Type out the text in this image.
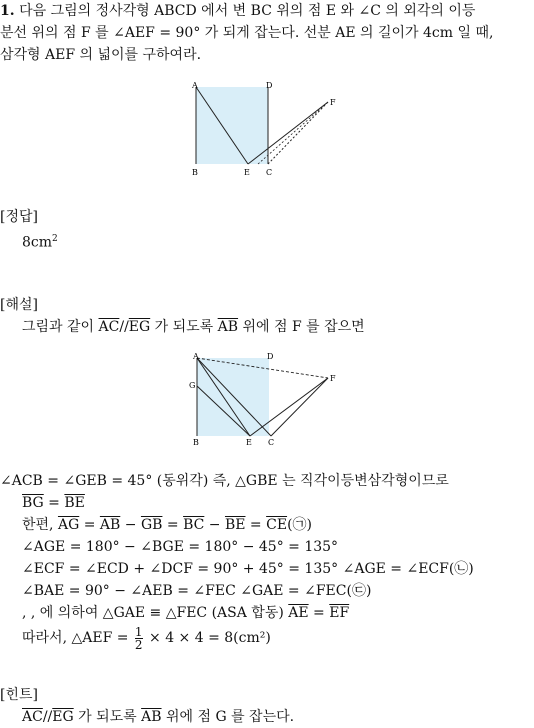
1. 다음 그림의 정사각형 ABCD 에서 변 BC 위의 점 E 와 ∠C 의 외각의 이등
분선 위의 점 F 를 ∠AEF = 90° 가 되게 잡는다. 선분 AE 의 길이가 4cm 일 때,
삼각형 AEF 의 넓이를 구하여라.
A	D
B	E C
F
[정답]
$8cm^2$
[해설]
그림과 같이 $\overline{AC}//\overline{EG}$ 가 되도록 $\overline{AB}$ 위에 점 F 를 잡으면
A	D
G
B	E C
F
∠ACB = ∠GEB = 45° (동위각) 즉, △GBE 는 직각이등변삼각형이므로
$\overline{BG} = \overline{BE}$
한편, $\overline{AG} = \overline{AB} - \overline{GB} = \overline{BC} - \overline{BE}$ = $\overline{CE}(㉠)$
∠AGE = 180° − ∠BGE = 180° − 45° = 135°
∠ECF = ∠ECD + ∠DCF = 90° + 45° = 135° ∠AGE = ∠ECF(㉡)
∠BAE = 90° − ∠AEB = ∠FEC ∠GAE = ∠FEC(㉢)
, , 에 의하여 △GAE ≡ △FEC (ASA 합동) $\overline{AE} = \overline{EF}$
따라서, △AEF = $\frac{1}{2} \times 4 \times 4 = 8(cm^2)$
[힌트]
$\overline{AC}//\overline{EG}$ 가 되도록 $\overline{AB}$ 위에 점 G 를 잡는다.
